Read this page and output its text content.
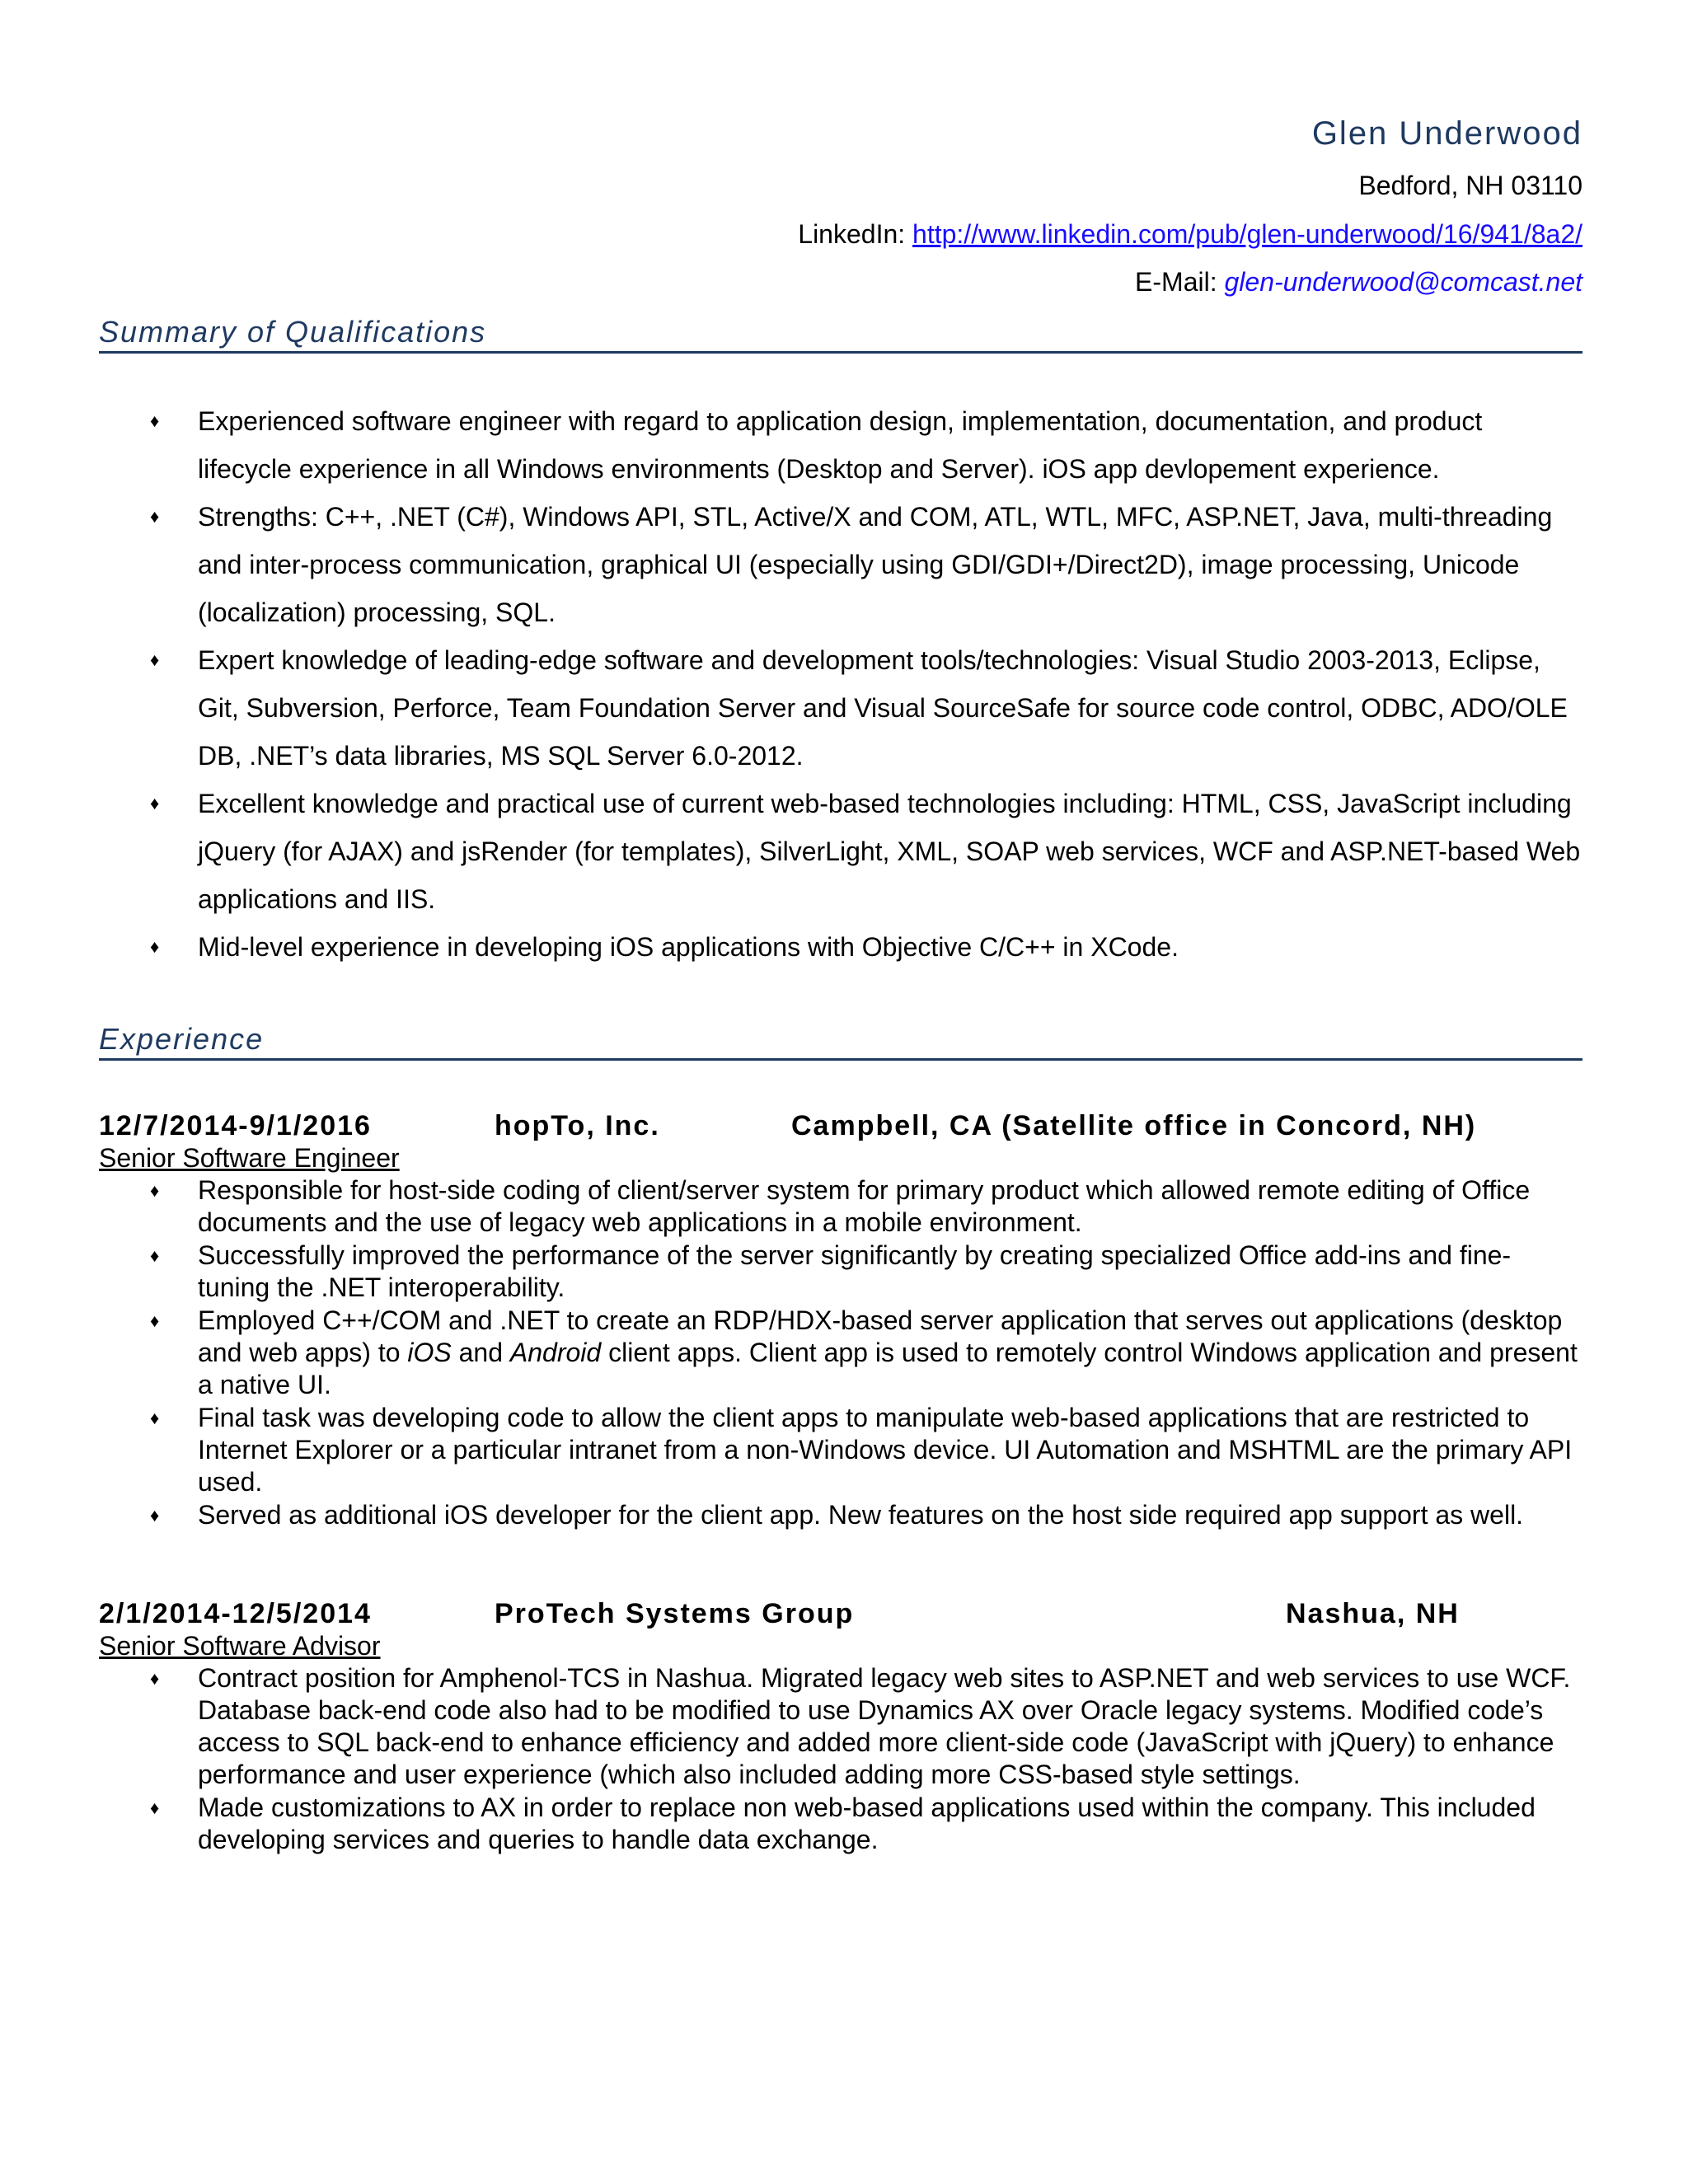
Glen Underwood
Bedford, NH 03110
LinkedIn: http://www.linkedin.com/pub/glen-underwood/16/941/8a2/
E-Mail: glen-underwood@comcast.net
Summary of Qualifications
♦ Experienced software engineer with regard to application design, implementation, documentation, and product lifecycle experience in all Windows environments (Desktop and Server). iOS app devlopement experience.
♦ Strengths: C++, .NET (C#), Windows API, STL, Active/X and COM, ATL, WTL, MFC, ASP.NET, Java, multi-threading and inter-process communication, graphical UI (especially using GDI/GDI+/Direct2D), image processing, Unicode (localization) processing, SQL.
♦ Expert knowledge of leading-edge software and development tools/technologies: Visual Studio 2003-2013, Eclipse, Git, Subversion, Perforce, Team Foundation Server and Visual SourceSafe for source code control, ODBC, ADO/OLE DB, .NET’s data libraries, MS SQL Server 6.0-2012.
♦ Excellent knowledge and practical use of current web-based technologies including: HTML, CSS, JavaScript including jQuery (for AJAX) and jsRender (for templates), SilverLight, XML, SOAP web services, WCF and ASP.NET-based Web applications and IIS.
♦ Mid-level experience in developing iOS applications with Objective C/C++ in XCode.
Experience
12/7/2014-9/1/2016	hopTo, Inc.	Campbell, CA (Satellite office in Concord, NH)
Senior Software Engineer
♦ Responsible for host-side coding of client/server system for primary product which allowed remote editing of Office documents and the use of legacy web applications in a mobile environment.
♦ Successfully improved the performance of the server significantly by creating specialized Office add-ins and fine-tuning the .NET interoperability.
♦ Employed C++/COM and .NET to create an RDP/HDX-based server application that serves out applications (desktop and web apps) to iOS and Android client apps. Client app is used to remotely control Windows application and present a native UI.
♦ Final task was developing code to allow the client apps to manipulate web-based applications that are restricted to Internet Explorer or a particular intranet from a non-Windows device. UI Automation and MSHTML are the primary API used.
♦ Served as additional iOS developer for the client app. New features on the host side required app support as well.
2/1/2014-12/5/2014	ProTech Systems Group	Nashua, NH
Senior Software Advisor
♦ Contract position for Amphenol-TCS in Nashua. Migrated legacy web sites to ASP.NET and web services to use WCF. Database back-end code also had to be modified to use Dynamics AX over Oracle legacy systems. Modified code’s access to SQL back-end to enhance efficiency and added more client-side code (JavaScript with jQuery) to enhance performance and user experience (which also included adding more CSS-based style settings.
♦ Made customizations to AX in order to replace non web-based applications used within the company. This included developing services and queries to handle data exchange.
